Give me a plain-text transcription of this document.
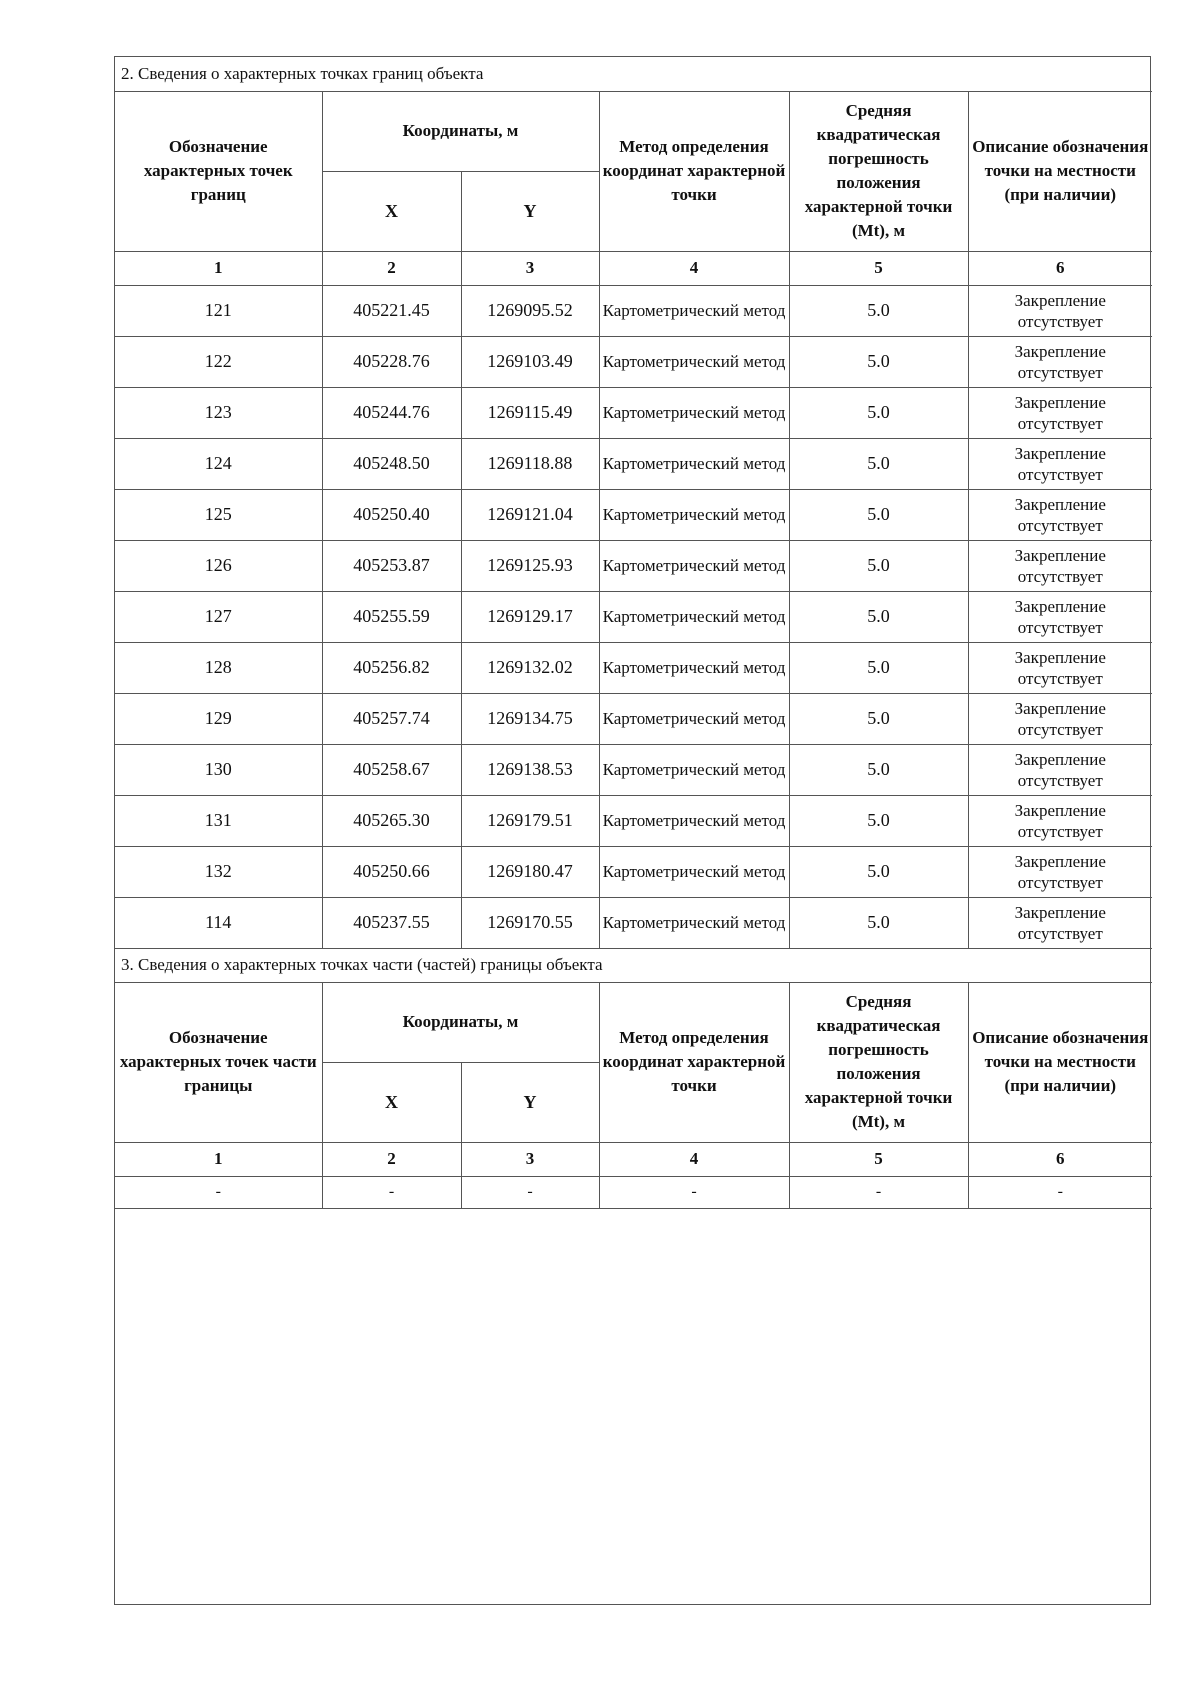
2. Сведения о характерных точках границ объекта					
Обозначение характерных точек границ	Координаты, м		Метод определения координат характерной точки	Средняя квадратическая погрешность положения характерной точки (Mt), м	Описание обозначения точки на местности (при наличии)
	X	Y			
1	2	3	4	5	6
121	405221.45	1269095.52	Картометрический метод	5.0	Закрепление отсутствует
122	405228.76	1269103.49	Картометрический метод	5.0	Закрепление отсутствует
123	405244.76	1269115.49	Картометрический метод	5.0	Закрепление отсутствует
124	405248.50	1269118.88	Картометрический метод	5.0	Закрепление отсутствует
125	405250.40	1269121.04	Картометрический метод	5.0	Закрепление отсутствует
126	405253.87	1269125.93	Картометрический метод	5.0	Закрепление отсутствует
127	405255.59	1269129.17	Картометрический метод	5.0	Закрепление отсутствует
128	405256.82	1269132.02	Картометрический метод	5.0	Закрепление отсутствует
129	405257.74	1269134.75	Картометрический метод	5.0	Закрепление отсутствует
130	405258.67	1269138.53	Картометрический метод	5.0	Закрепление отсутствует
131	405265.30	1269179.51	Картометрический метод	5.0	Закрепление отсутствует
132	405250.66	1269180.47	Картометрический метод	5.0	Закрепление отсутствует
114	405237.55	1269170.55	Картометрический метод	5.0	Закрепление отсутствует
3. Сведения о характерных точках части (частей) границы объекта					
Обозначение характерных точек части границы	Координаты, м		Метод определения координат характерной точки	Средняя квадратическая погрешность положения характерной точки (Mt), м	Описание обозначения точки на местности (при наличии)
	X	Y			
1	2	3	4	5	6
-	-	-	-	-	-
